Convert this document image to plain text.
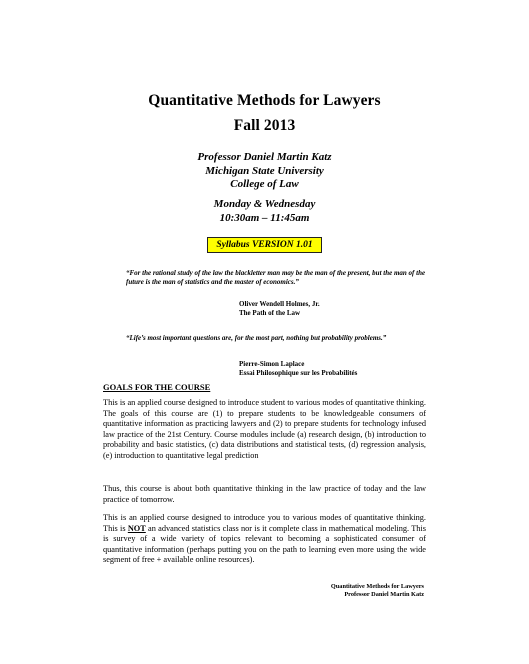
Quantitative Methods for Lawyers
Fall 2013
Professor Daniel Martin Katz
Michigan State University
College of Law
Monday & Wednesday
10:30am – 11:45am
Syllabus VERSION 1.01
“For the rational study of the law the blackletter man may be the man of the present, but the man of the future is the man of statistics and the master of economics.”
Oliver Wendell Holmes, Jr.
The Path of the Law
“Life’s most important questions are, for the most part, nothing but probability problems.”
Pierre-Simon Laplace
Essai Philosophique sur les Probabilités
GOALS FOR THE COURSE
This is an applied course designed to introduce student to various modes of quantitative thinking. The goals of this course are (1) to prepare students to be knowledgeable consumers of quantitative information as practicing lawyers and (2) to prepare students for technology infused law practice of the 21st Century. Course modules include (a) research design, (b) introduction to probability and basic statistics, (c) data distributions and statistical tests, (d) regression analysis, (e) introduction to quantitative legal prediction
Thus, this course is about both quantitative thinking in the law practice of today and the law practice of tomorrow.
This is an applied course designed to introduce you to various modes of quantitative thinking. This is NOT an advanced statistics class nor is it complete class in mathematical modeling. This is survey of a wide variety of topics relevant to becoming a sophisticated consumer of quantitative information (perhaps putting you on the path to learning even more using the wide segment of free + available online resources).
Quantitative Methods for Lawyers
Professor Daniel Martin Katz
